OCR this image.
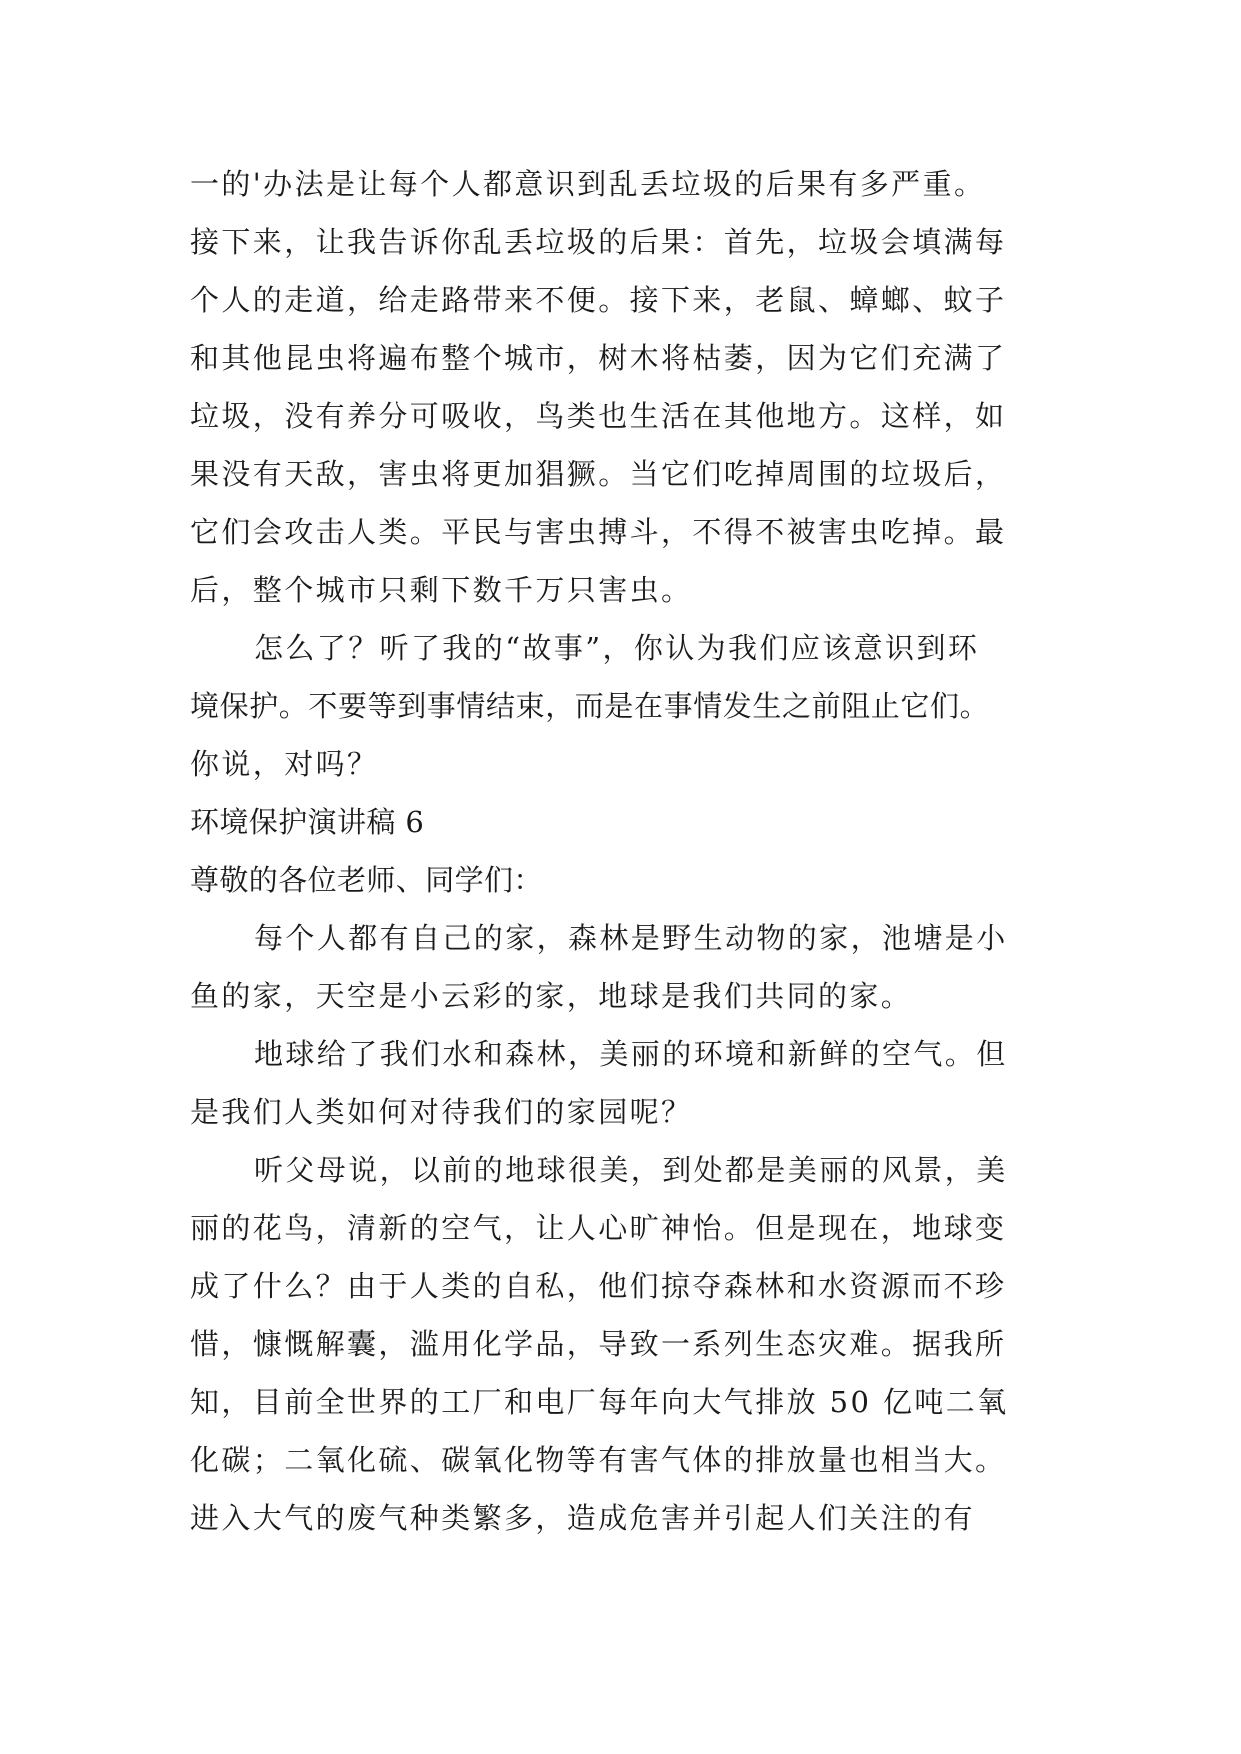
一的'办法是让每个人都意识到乱丢垃圾的后果有多严重。
接下来，让我告诉你乱丢垃圾的后果：首先，垃圾会填满每
个人的走道，给走路带来不便。接下来，老鼠、蟑螂、蚊子
和其他昆虫将遍布整个城市，树木将枯萎，因为它们充满了
垃圾，没有养分可吸收，鸟类也生活在其他地方。这样，如
果没有天敌，害虫将更加猖獗。当它们吃掉周围的垃圾后，
它们会攻击人类。平民与害虫搏斗，不得不被害虫吃掉。最
后，整个城市只剩下数千万只害虫。
怎么了？听了我的“故事”，你认为我们应该意识到环
境保护。不要等到事情结束，而是在事情发生之前阻止它们。
你说，对吗？
环境保护演讲稿 6
尊敬的各位老师、同学们：
每个人都有自己的家，森林是野生动物的家，池塘是小
鱼的家，天空是小云彩的家，地球是我们共同的家。
地球给了我们水和森林，美丽的环境和新鲜的空气。但
是我们人类如何对待我们的家园呢？
听父母说，以前的地球很美，到处都是美丽的风景，美
丽的花鸟，清新的空气，让人心旷神怡。但是现在，地球变
成了什么？由于人类的自私，他们掠夺森林和水资源而不珍
惜，慷慨解囊，滥用化学品，导致一系列生态灾难。据我所
知，目前全世界的工厂和电厂每年向大气排放 50 亿吨二氧
化碳；二氧化硫、碳氧化物等有害气体的排放量也相当大。
进入大气的废气种类繁多，造成危害并引起人们关注的有
